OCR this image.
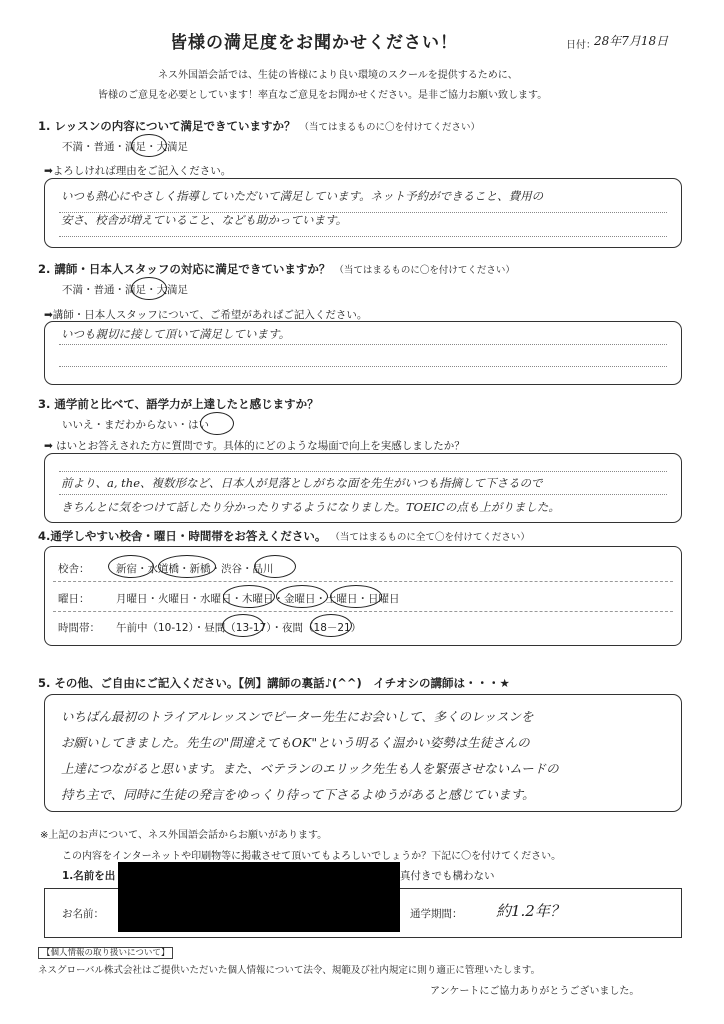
皆様の満足度をお聞かせください！	日付：
28年7月18日
ネス外国語会話では、生徒の皆様により良い環境のスクールを提供するために、
皆様のご意見を必要としています！率直なご意見をお聞かせください。是非ご協力お願い致します。
1. レッスンの内容について満足できていますか？ （当てはまるものに〇を付けてください）
不満・普通・満足・大満足
➡よろしければ理由をご記入ください。
いつも熱心にやさしく指導していただいて満足しています。ネット予約ができること、費用の
安さ、校舎が増えていること、なども助かっています。
2. 講師・日本人スタッフの対応に満足できていますか？ （当てはまるものに〇を付けてください）
不満・普通・満足・大満足
➡講師・日本人スタッフについて、ご希望があればご記入ください。
いつも親切に接して頂いて満足しています。
3. 通学前と比べて、語学力が上達したと感じますか？
いいえ・まだわからない・はい
➡ はいとお答えされた方に質問です。具体的にどのような場面で向上を実感しましたか？
前より、a, the、複数形など、日本人が見落としがちな面を先生がいつも指摘して下さるので
きちんとに気をつけて話したり分かったりするようになりました。TOEICの点も上がりました。
4.通学しやすい校舎・曜日・時間帯をお答えください。 （当てはまるものに全て〇を付けてください）
校舎：	新宿・水道橋・新橋・渋谷・品川
曜日：	月曜日・火曜日・水曜日・木曜日・金曜日・土曜日・日曜日
時間帯： 午前中（10-12）・昼間（13-17）・夜間（18－21）
5. その他、ご自由にご記入ください。【例】講師の裏話♪(^^)　イチオシの講師は・・・★
いちばん最初のトライアルレッスンでピーター先生にお会いして、多くのレッスンを
お願いしてきました。先生の"間違えてもOK"という明るく温かい姿勢は生徒さんの
上達につながると思います。また、ベテランのエリック先生も人を緊張させないムードの
持ち主で、同時に生徒の発言をゆっくり待って下さるよゆうがあると感じています。
※上記のお声について、ネス外国語会話からお願いがあります。
この内容をインターネットや印刷物等に掲載させて頂いてもよろしいでしょうか？下記に〇を付けてください。
1.名前を出	真付きでも構わない
お名前：	通学期間： 約1.2年？
【個人情報の取り扱いについて】
ネスグローバル株式会社はご提供いただいた個人情報について法令、規範及び社内規定に則り適正に管理いたします。
アンケートにご協力ありがとうございました。
